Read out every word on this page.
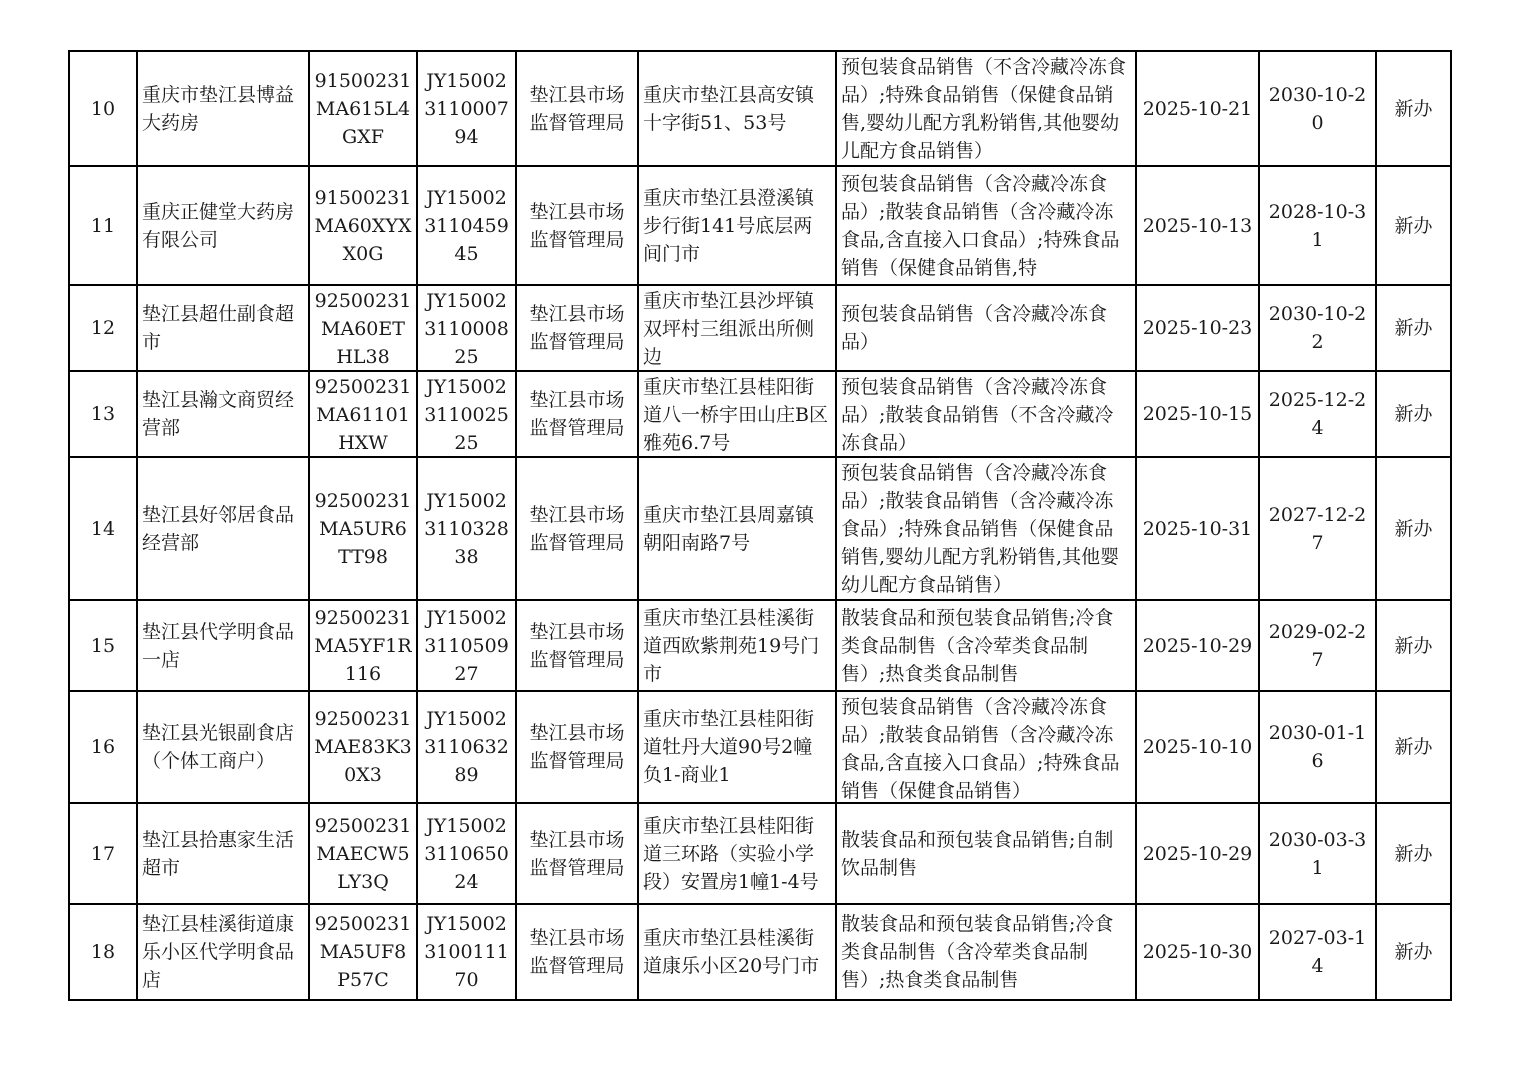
10	重庆市垫江县博益大药房	91500231MA615L4GXF	JY15002311000794	垫江县市场监督管理局	重庆市垫江县高安镇十字街51、53号	预包装食品销售（不含冷藏冷冻食品）;特殊食品销售（保健食品销售,婴幼儿配方乳粉销售,其他婴幼儿配方食品销售）	2025-10-21	2030-10-20	新办

11	重庆正健堂大药房有限公司	91500231MA60XYXX0G	JY15002311045945	垫江县市场监督管理局	重庆市垫江县澄溪镇步行街141号底层两间门市	预包装食品销售（含冷藏冷冻食品）;散装食品销售（含冷藏冷冻食品,含直接入口食品）;特殊食品销售（保健食品销售,特	2025-10-13	2028-10-31	新办

12	垫江县超仕副食超市	92500231MA60ETHL38	JY15002311000825	垫江县市场监督管理局	重庆市垫江县沙坪镇双坪村三组派出所侧边	预包装食品销售（含冷藏冷冻食品）	2025-10-23	2030-10-22	新办

13	垫江县瀚文商贸经营部	92500231MA61101HXW	JY15002311002525	垫江县市场监督管理局	重庆市垫江县桂阳街道八一桥宇田山庄B区雅苑6.7号	预包装食品销售（含冷藏冷冻食品）;散装食品销售（不含冷藏冷冻食品）	2025-10-15	2025-12-24	新办

14	垫江县好邻居食品经营部	92500231MA5UR6TT98	JY15002311032838	垫江县市场监督管理局	重庆市垫江县周嘉镇朝阳南路7号	预包装食品销售（含冷藏冷冻食品）;散装食品销售（含冷藏冷冻食品）;特殊食品销售（保健食品销售,婴幼儿配方乳粉销售,其他婴幼儿配方食品销售）	2025-10-31	2027-12-27	新办

15	垫江县代学明食品一店	92500231MA5YF1R116	JY15002311050927	垫江县市场监督管理局	重庆市垫江县桂溪街道西欧紫荆苑19号门市	散装食品和预包装食品销售;冷食类食品制售（含冷荤类食品制售）;热食类食品制售	2025-10-29	2029-02-27	新办

16	垫江县光银副食店（个体工商户）	92500231MAE83K30X3	JY15002311063289	垫江县市场监督管理局	重庆市垫江县桂阳街道牡丹大道90号2幢负1-商业1	预包装食品销售（含冷藏冷冻食品）;散装食品销售（含冷藏冷冻食品,含直接入口食品）;特殊食品销售（保健食品销售）	2025-10-10	2030-01-16	新办

17	垫江县拾惠家生活超市	92500231MAECW5LY3Q	JY15002311065024	垫江县市场监督管理局	重庆市垫江县桂阳街道三环路（实验小学段）安置房1幢1-4号	散装食品和预包装食品销售;自制饮品制售	2025-10-29	2030-03-31	新办

18	垫江县桂溪街道康乐小区代学明食品店	92500231MA5UF8P57C	JY15002310011170	垫江县市场监督管理局	重庆市垫江县桂溪街道康乐小区20号门市	散装食品和预包装食品销售;冷食类食品制售（含冷荤类食品制售）;热食类食品制售	2025-10-30	2027-03-14	新办
